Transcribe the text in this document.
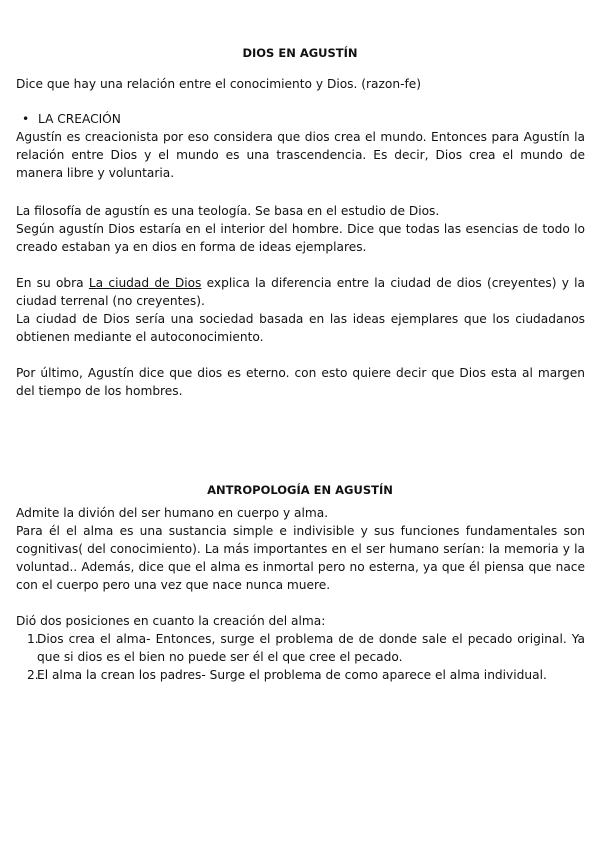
DIOS EN AGUSTÍN
Dice que hay una relación entre el conocimiento y Dios. (razon-fe)
• LA CREACIÓN
Agustín es creacionista por eso considera que dios crea el mundo. Entonces para Agustín la relación entre Dios y el mundo es una trascendencia. Es decir, Dios crea el mundo de manera libre y voluntaria.
La filosofía de agustín es una teología. Se basa en el estudio de Dios.
Según agustín Dios estaría en el interior del hombre. Dice que todas las esencias de todo lo creado estaban ya en dios en forma de ideas ejemplares.
En su obra La ciudad de Dios explica la diferencia entre la ciudad de dios (creyentes) y la ciudad terrenal (no creyentes).
La ciudad de Dios sería una sociedad basada en las ideas ejemplares que los ciudadanos obtienen mediante el autoconocimiento.
Por último, Agustín dice que dios es eterno. con esto quiere decir que Dios esta al margen del tiempo de los hombres.
ANTROPOLOGÍA EN AGUSTÍN
Admite la divión del ser humano en cuerpo y alma.
Para él el alma es una sustancia simple e indivisible y sus funciones fundamentales son cognitivas( del conocimiento). La más importantes en el ser humano serían: la memoria y la voluntad.. Además, dice que el alma es inmortal pero no esterna, ya que él piensa que nace con el cuerpo pero una vez que nace nunca muere.
Dió dos posiciones en cuanto la creación del alma:
1.
Dios crea el alma- Entonces, surge el problema de de donde sale el pecado original. Ya que si dios es el bien no puede ser él el que cree el pecado.
2.
El alma la crean los padres- Surge el problema de como aparece el alma individual.
